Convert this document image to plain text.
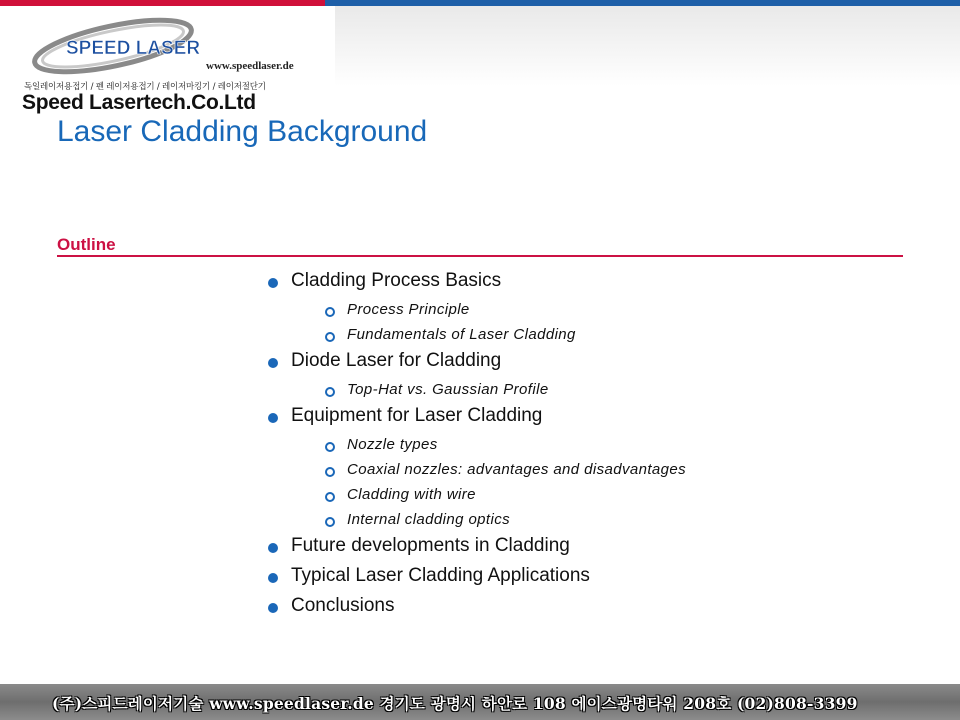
SPEED LASER
www.speedlaser.de
독일레이저용접기 / 펜 레이저용접기 / 레이저마킹기 / 레이저절단기
Speed Lasertech.Co.Ltd
Laser Cladding Background
Outline
Cladding Process Basics
Process Principle
Fundamentals of Laser Cladding
Diode Laser for Cladding
Top-Hat vs. Gaussian Profile
Equipment for Laser Cladding
Nozzle types
Coaxial nozzles: advantages and disadvantages
Cladding with wire
Internal cladding optics
Future developments in Cladding
Typical Laser Cladding Applications
Conclusions
(주)스피드레이저기술 www.speedlaser.de 경기도 광명시 하안로 108 에이스광명타워 208호 (02)808-3399
